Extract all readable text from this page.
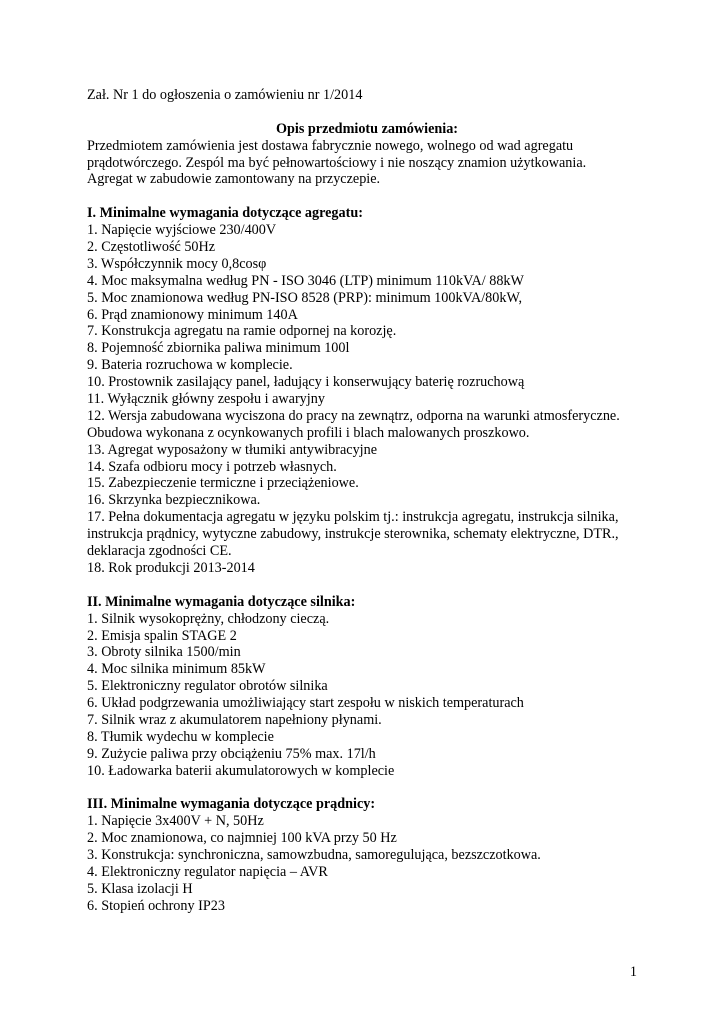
Zał. Nr 1 do ogłoszenia o zamówieniu nr 1/2014
Opis przedmiotu zamówienia:
Przedmiotem zamówienia jest dostawa fabrycznie nowego, wolnego od wad agregatu
prądotwórczego. Zespól ma być pełnowartościowy i nie noszący znamion użytkowania.
Agregat w zabudowie zamontowany na przyczepie.
I. Minimalne wymagania dotyczące agregatu:
1. Napięcie wyjściowe 230/400V
2. Częstotliwość 50Hz
3. Współczynnik mocy 0,8cosφ
4. Moc maksymalna według PN - ISO 3046 (LTP) minimum 110kVA/ 88kW
5. Moc znamionowa według PN-ISO 8528 (PRP): minimum 100kVA/80kW,
6. Prąd znamionowy minimum 140A
7. Konstrukcja agregatu na ramie odpornej na korozję.
8. Pojemność zbiornika paliwa minimum 100l
9. Bateria rozruchowa w komplecie.
10. Prostownik zasilający panel, ładujący i konserwujący baterię rozruchową
11. Wyłącznik główny zespołu i awaryjny
12. Wersja zabudowana wyciszona do pracy na zewnątrz, odporna na warunki atmosferyczne.
Obudowa wykonana z ocynkowanych profili i blach malowanych proszkowo.
13. Agregat wyposażony w tłumiki antywibracyjne
14. Szafa odbioru mocy i potrzeb własnych.
15. Zabezpieczenie termiczne i przeciążeniowe.
16. Skrzynka bezpiecznikowa.
17. Pełna dokumentacja agregatu w języku polskim tj.: instrukcja agregatu, instrukcja silnika,
instrukcja prądnicy, wytyczne zabudowy, instrukcje sterownika, schematy elektryczne, DTR.,
deklaracja zgodności CE.
18. Rok produkcji 2013-2014
II. Minimalne wymagania dotyczące silnika:
1. Silnik wysokoprężny, chłodzony cieczą.
2. Emisja spalin STAGE 2
3. Obroty silnika 1500/min
4. Moc silnika minimum 85kW
5. Elektroniczny regulator obrotów silnika
6. Układ podgrzewania umożliwiający start zespołu w niskich temperaturach
7. Silnik wraz z akumulatorem napełniony płynami.
8. Tłumik wydechu w komplecie
9. Zużycie paliwa przy obciążeniu 75% max. 17l/h
10. Ładowarka baterii akumulatorowych w komplecie
III. Minimalne wymagania dotyczące prądnicy:
1. Napięcie 3x400V + N, 50Hz
2. Moc znamionowa, co najmniej 100 kVA przy 50 Hz
3. Konstrukcja: synchroniczna, samowzbudna, samoregulująca, bezszczotkowa.
4. Elektroniczny regulator napięcia – AVR
5. Klasa izolacji H
6. Stopień ochrony IP23
1
